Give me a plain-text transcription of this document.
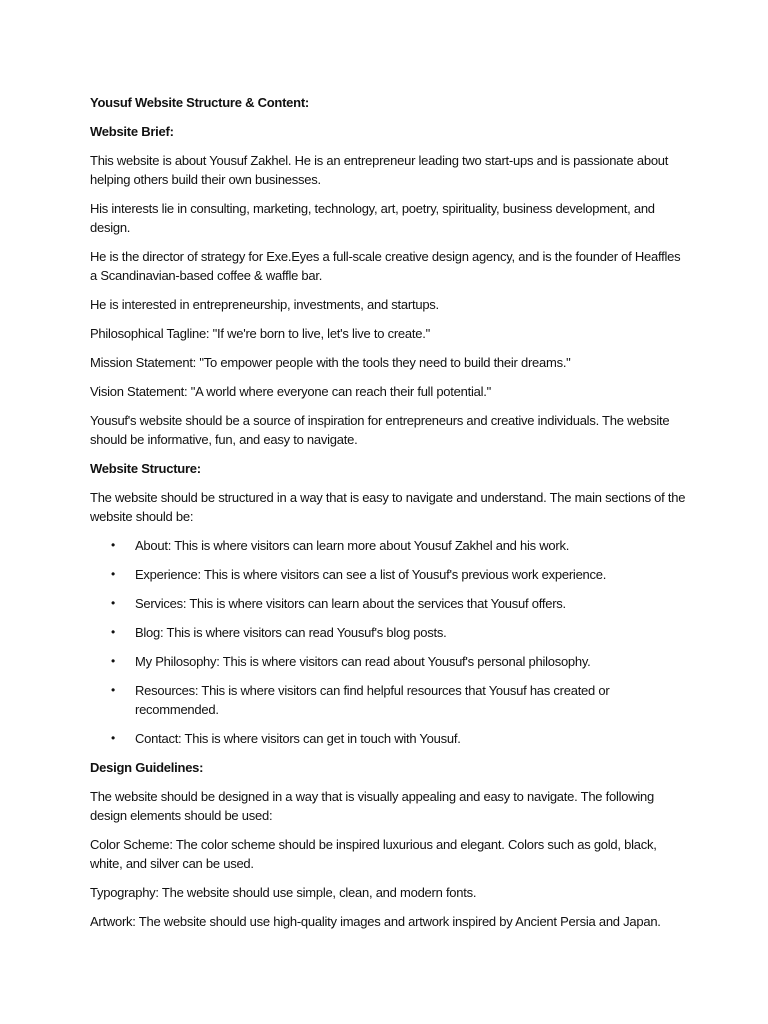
Yousuf Website Structure & Content:

Website Brief:

This website is about Yousuf Zakhel. He is an entrepreneur leading two start-ups and is passionate about helping others build their own businesses.

His interests lie in consulting, marketing, technology, art, poetry, spirituality, business development, and design.

He is the director of strategy for Exe.Eyes a full-scale creative design agency, and is the founder of Heaffles a Scandinavian-based coffee & waffle bar.

He is interested in entrepreneurship, investments, and startups.

Philosophical Tagline: "If we're born to live, let's live to create."

Mission Statement: "To empower people with the tools they need to build their dreams."

Vision Statement: "A world where everyone can reach their full potential."

Yousuf's website should be a source of inspiration for entrepreneurs and creative individuals. The website should be informative, fun, and easy to navigate.

Website Structure:

The website should be structured in a way that is easy to navigate and understand. The main sections of the website should be:

• About: This is where visitors can learn more about Yousuf Zakhel and his work.
• Experience: This is where visitors can see a list of Yousuf's previous work experience.
• Services: This is where visitors can learn about the services that Yousuf offers.
• Blog: This is where visitors can read Yousuf's blog posts.
• My Philosophy: This is where visitors can read about Yousuf's personal philosophy.
• Resources: This is where visitors can find helpful resources that Yousuf has created or recommended.
• Contact: This is where visitors can get in touch with Yousuf.

Design Guidelines:

The website should be designed in a way that is visually appealing and easy to navigate. The following design elements should be used:

Color Scheme: The color scheme should be inspired luxurious and elegant. Colors such as gold, black, white, and silver can be used.

Typography: The website should use simple, clean, and modern fonts.

Artwork: The website should use high-quality images and artwork inspired by Ancient Persia and Japan.
